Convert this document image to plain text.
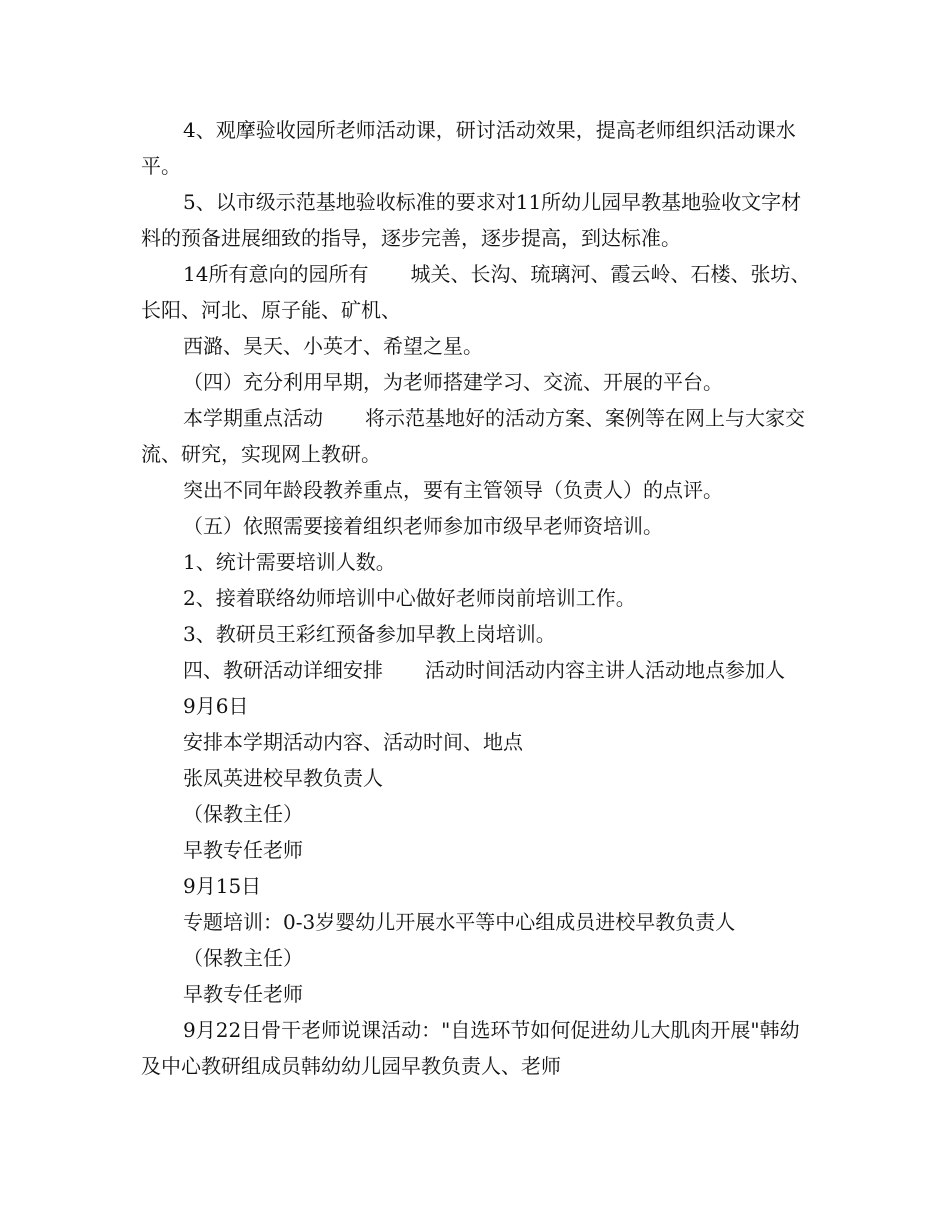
4、观摩验收园所老师活动课，研讨活动效果，提高老师组织活动课水平。

5、以市级示范基地验收标准的要求对11所幼儿园早教基地验收文字材料的预备进展细致的指导，逐步完善，逐步提高，到达标准。

14所有意向的园所有 城关、长沟、琉璃河、霞云岭、石楼、张坊、长阳、河北、原子能、矿机、

西潞、昊天、小英才、希望之星。

（四）充分利用早期，为老师搭建学习、交流、开展的平台。

本学期重点活动 将示范基地好的活动方案、案例等在网上与大家交流、研究，实现网上教研。

突出不同年龄段教养重点，要有主管领导（负责人）的点评。

（五）依照需要接着组织老师参加市级早老师资培训。

1、统计需要培训人数。

2、接着联络幼师培训中心做好老师岗前培训工作。

3、教研员王彩红预备参加早教上岗培训。

四、教研活动详细安排 活动时间活动内容主讲人活动地点参加人

9月6日

安排本学期活动内容、活动时间、地点

张凤英进校早教负责人

（保教主任）

早教专任老师

9月15日

专题培训：0-3岁婴幼儿开展水平等中心组成员进校早教负责人

（保教主任）

早教专任老师

9月22日骨干老师说课活动："自选环节如何促进幼儿大肌肉开展"韩幼及中心教研组成员韩幼幼儿园早教负责人、老师
